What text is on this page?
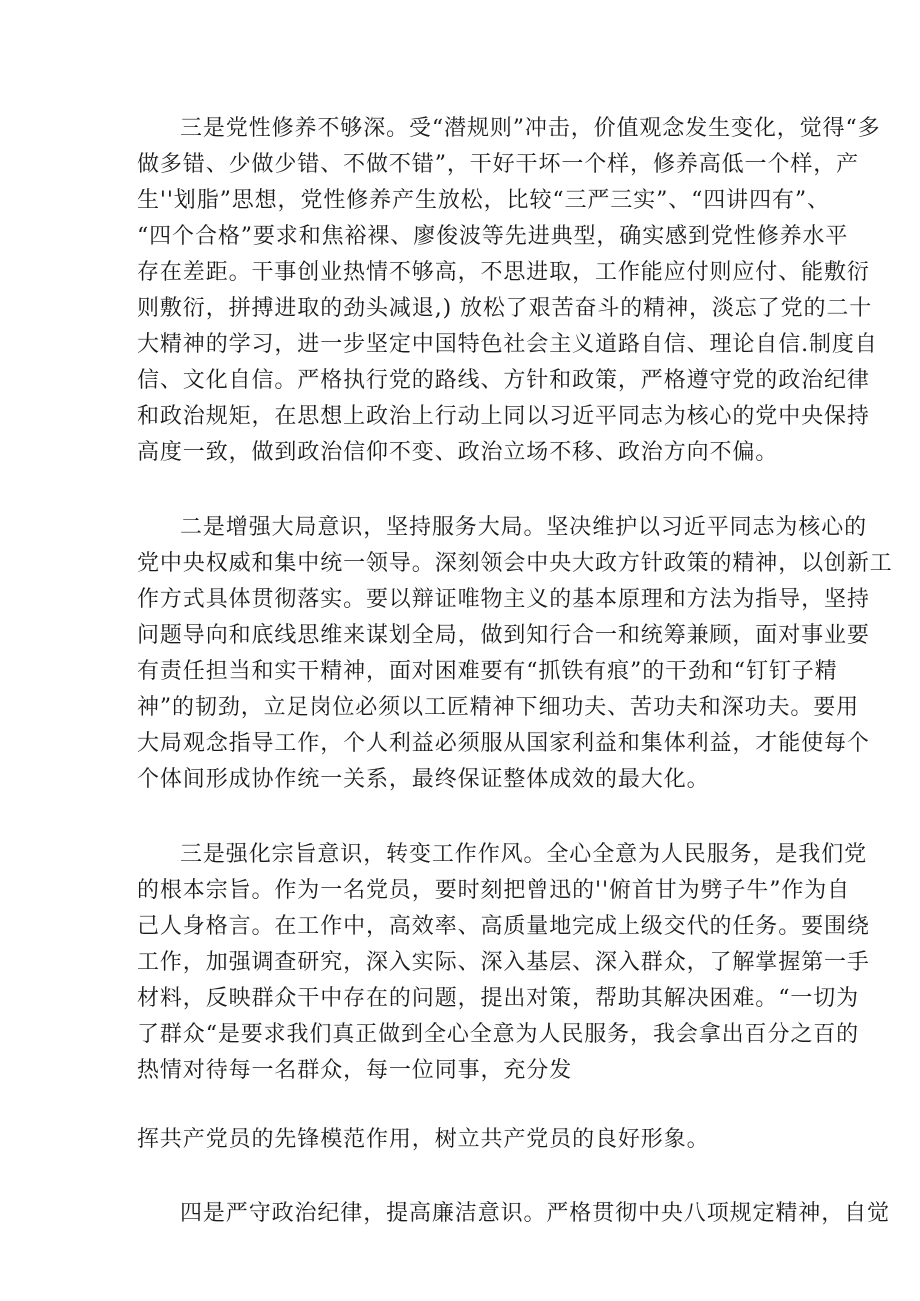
三是党性修养不够深。受“潜规则”冲击，价值观念发生变化，觉得“多
做多错、少做少错、不做不错”，干好干坏一个样，修养高低一个样，产
生''划脂”思想，党性修养产生放松，比较“三严三实”、“四讲四有”、
“四个合格”要求和焦裕裸、廖俊波等先进典型，确实感到党性修养水平
存在差距。干事创业热情不够高，不思进取，工作能应付则应付、能敷衍
则敷衍，拼搏进取的劲头减退,) 放松了艰苦奋斗的精神，淡忘了党的二十
大精神的学习，进一步坚定中国特色社会主义道路自信、理论自信.制度自
信、文化自信。严格执行党的路线、方针和政策，严格遵守党的政治纪律
和政治规矩，在思想上政治上行动上同以习近平同志为核心的党中央保持
高度一致，做到政治信仰不变、政治立场不移、政治方向不偏。
二是增强大局意识，坚持服务大局。坚决维护以习近平同志为核心的
党中央权威和集中统一领导。深刻领会中央大政方针政策的精神，以创新工
作方式具体贯彻落实。要以辩证唯物主义的基本原理和方法为指导，坚持
问题导向和底线思维来谋划全局，做到知行合一和统筹兼顾，面对事业要
有责任担当和实干精神，面对困难要有“抓铁有痕”的干劲和“钉钉子精
神”的韧劲，立足岗位必须以工匠精神下细功夫、苦功夫和深功夫。要用
大局观念指导工作，个人利益必须服从国家利益和集体利益，才能使每个
个体间形成协作统一关系，最终保证整体成效的最大化。
三是强化宗旨意识，转变工作作风。全心全意为人民服务，是我们党
的根本宗旨。作为一名党员，要时刻把曾迅的''俯首甘为劈子牛”作为自
己人身格言。在工作中，高效率、高质量地完成上级交代的任务。要围绕
工作，加强调查研究，深入实际、深入基层、深入群众，了解掌握第一手
材料，反映群众干中存在的问题，提出对策，帮助其解决困难。“一切为
了群众“是要求我们真正做到全心全意为人民服务，我会拿出百分之百的
热情对待每一名群众，每一位同事，充分发
挥共产党员的先锋模范作用，树立共产党员的良好形象。
四是严守政治纪律，提高廉洁意识。严格贯彻中央八项规定精神，自觉
